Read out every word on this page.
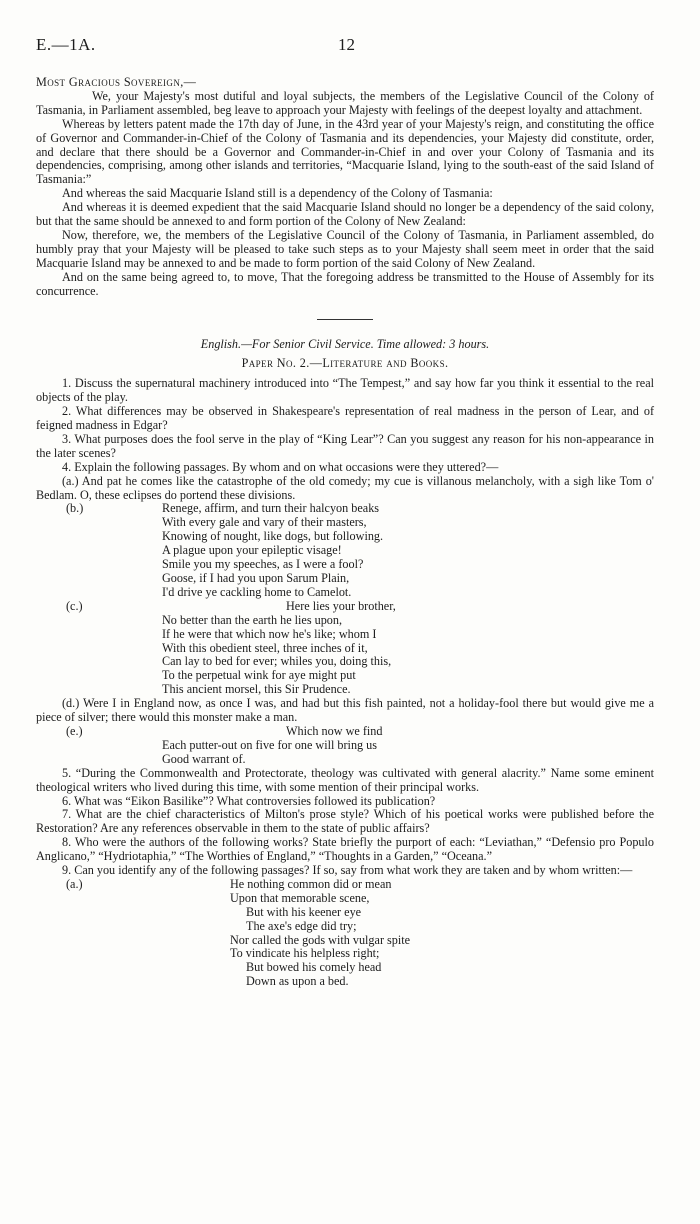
E.—1A.	12

Most Gracious Sovereign,—

We, your Majesty's most dutiful and loyal subjects, the members of the Legislative Council of the Colony of Tasmania, in Parliament assembled, beg leave to approach your Majesty with feelings of the deepest loyalty and attachment.

Whereas by letters patent made the 17th day of June, in the 43rd year of your Majesty's reign, and constituting the office of Governor and Commander-in-Chief of the Colony of Tasmania and its dependencies, your Majesty did constitute, order, and declare that there should be a Governor and Commander-in-Chief in and over your Colony of Tasmania and its dependencies, comprising, among other islands and territories, “Macquarie Island, lying to the south-east of the said Island of Tasmania:”

And whereas the said Macquarie Island still is a dependency of the Colony of Tasmania:

And whereas it is deemed expedient that the said Macquarie Island should no longer be a dependency of the said colony, but that the same should be annexed to and form portion of the Colony of New Zealand:

Now, therefore, we, the members of the Legislative Council of the Colony of Tasmania, in Parliament assembled, do humbly pray that your Majesty will be pleased to take such steps as to your Majesty shall seem meet in order that the said Macquarie Island may be annexed to and be made to form portion of the said Colony of New Zealand.

And on the same being agreed to, to move, That the foregoing address be transmitted to the House of Assembly for its concurrence.

English.—For Senior Civil Service. Time allowed: 3 hours.

Paper No. 2.—Literature and Books.

1. Discuss the supernatural machinery introduced into “The Tempest,” and say how far you think it essential to the real objects of the play.

2. What differences may be observed in Shakespeare's representation of real madness in the person of Lear, and of feigned madness in Edgar?

3. What purposes does the fool serve in the play of “King Lear”? Can you suggest any reason for his non-appearance in the later scenes?

4. Explain the following passages. By whom and on what occasions were they uttered?—

(a.) And pat he comes like the catastrophe of the old comedy; my cue is villanous melancholy, with a sigh like Tom o' Bedlam. O, these eclipses do portend these divisions.

(b.)	Renege, affirm, and turn their halcyon beaks
With every gale and vary of their masters,
Knowing of nought, like dogs, but following.
A plague upon your epileptic visage!
Smile you my speeches, as I were a fool?
Goose, if I had you upon Sarum Plain,
I'd drive ye cackling home to Camelot.
(c.)	Here lies your brother,
No better than the earth he lies upon,
If he were that which now he's like; whom I
With this obedient steel, three inches of it,
Can lay to bed for ever; whiles you, doing this,
To the perpetual wink for aye might put
This ancient morsel, this Sir Prudence.

(d.) Were I in England now, as once I was, and had but this fish painted, not a holiday-fool there but would give me a piece of silver; there would this monster make a man.

(e.)	Which now we find
Each putter-out on five for one will bring us
Good warrant of.

5. “During the Commonwealth and Protectorate, theology was cultivated with general alacrity.” Name some eminent theological writers who lived during this time, with some mention of their principal works.

6. What was “Eikon Basilike”? What controversies followed its publication?

7. What are the chief characteristics of Milton's prose style? Which of his poetical works were published before the Restoration? Are any references observable in them to the state of public affairs?

8. Who were the authors of the following works? State briefly the purport of each: “Leviathan,” “Defensio pro Populo Anglicano,” “Hydriotaphia,” “The Worthies of England,” “Thoughts in a Garden,” “Oceana.”

9. Can you identify any of the following passages? If so, say from what work they are taken and by whom written:—

(a.)	He nothing common did or mean
Upon that memorable scene,
But with his keener eye
The axe's edge did try;
Nor called the gods with vulgar spite
To vindicate his helpless right;
But bowed his comely head
Down as upon a bed.
